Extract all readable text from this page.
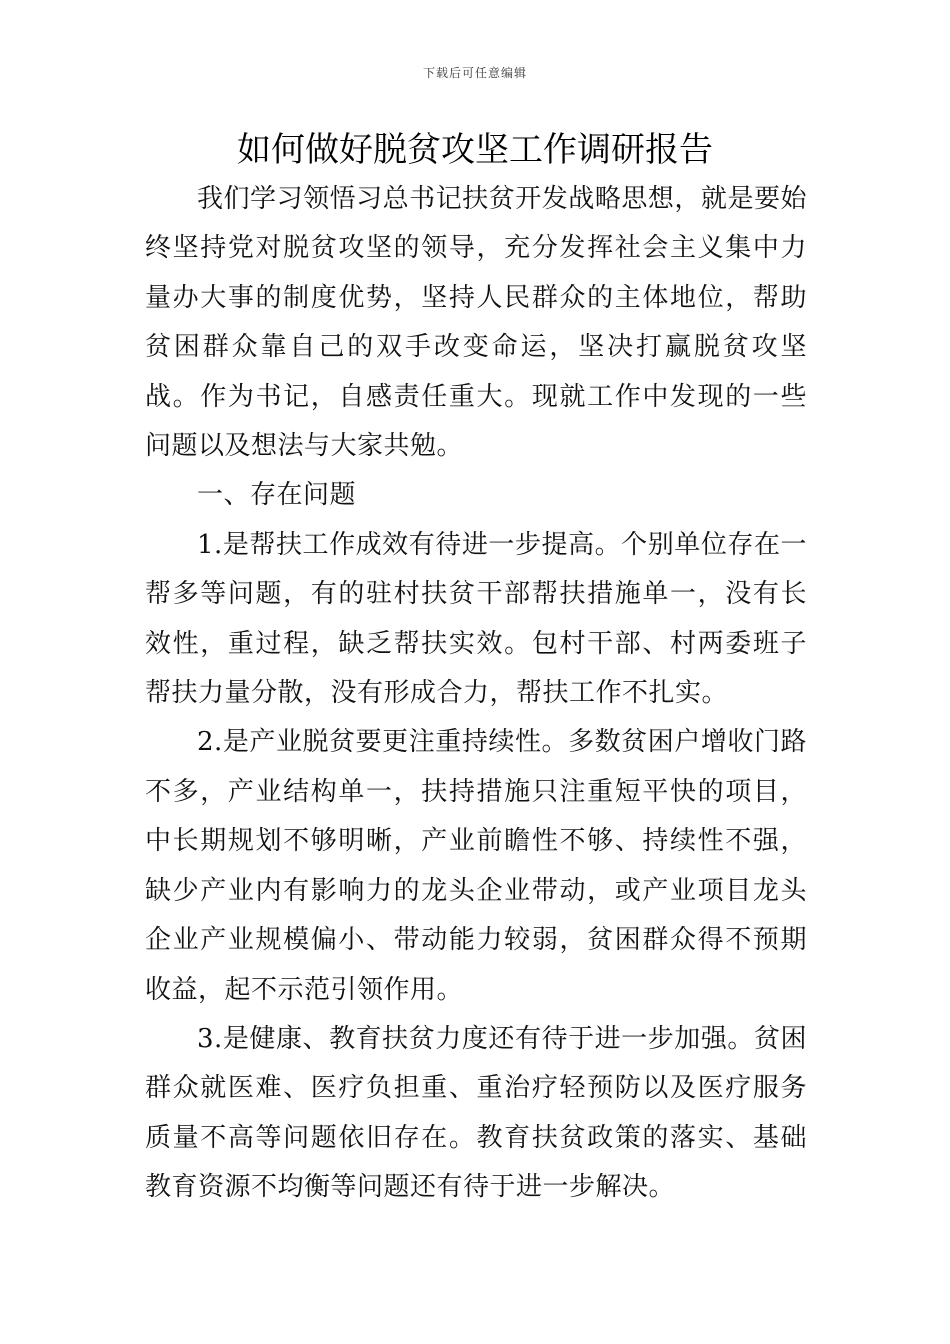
下载后可任意编辑
如何做好脱贫攻坚工作调研报告

我们学习领悟习总书记扶贫开发战略思想，就是要始终坚持党对脱贫攻坚的领导，充分发挥社会主义集中力量办大事的制度优势，坚持人民群众的主体地位，帮助贫困群众靠自己的双手改变命运，坚决打赢脱贫攻坚战。作为书记，自感责任重大。现就工作中发现的一些问题以及想法与大家共勉。

一、存在问题

1.是帮扶工作成效有待进一步提高。个别单位存在一帮多等问题，有的驻村扶贫干部帮扶措施单一，没有长效性，重过程，缺乏帮扶实效。包村干部、村两委班子帮扶力量分散，没有形成合力，帮扶工作不扎实。

2.是产业脱贫要更注重持续性。多数贫困户增收门路不多，产业结构单一，扶持措施只注重短平快的项目，中长期规划不够明晰，产业前瞻性不够、持续性不强，缺少产业内有影响力的龙头企业带动，或产业项目龙头企业产业规模偏小、带动能力较弱，贫困群众得不预期收益，起不示范引领作用。

3.是健康、教育扶贫力度还有待于进一步加强。贫困群众就医难、医疗负担重、重治疗轻预防以及医疗服务质量不高等问题依旧存在。教育扶贫政策的落实、基础教育资源不均衡等问题还有待于进一步解决。
